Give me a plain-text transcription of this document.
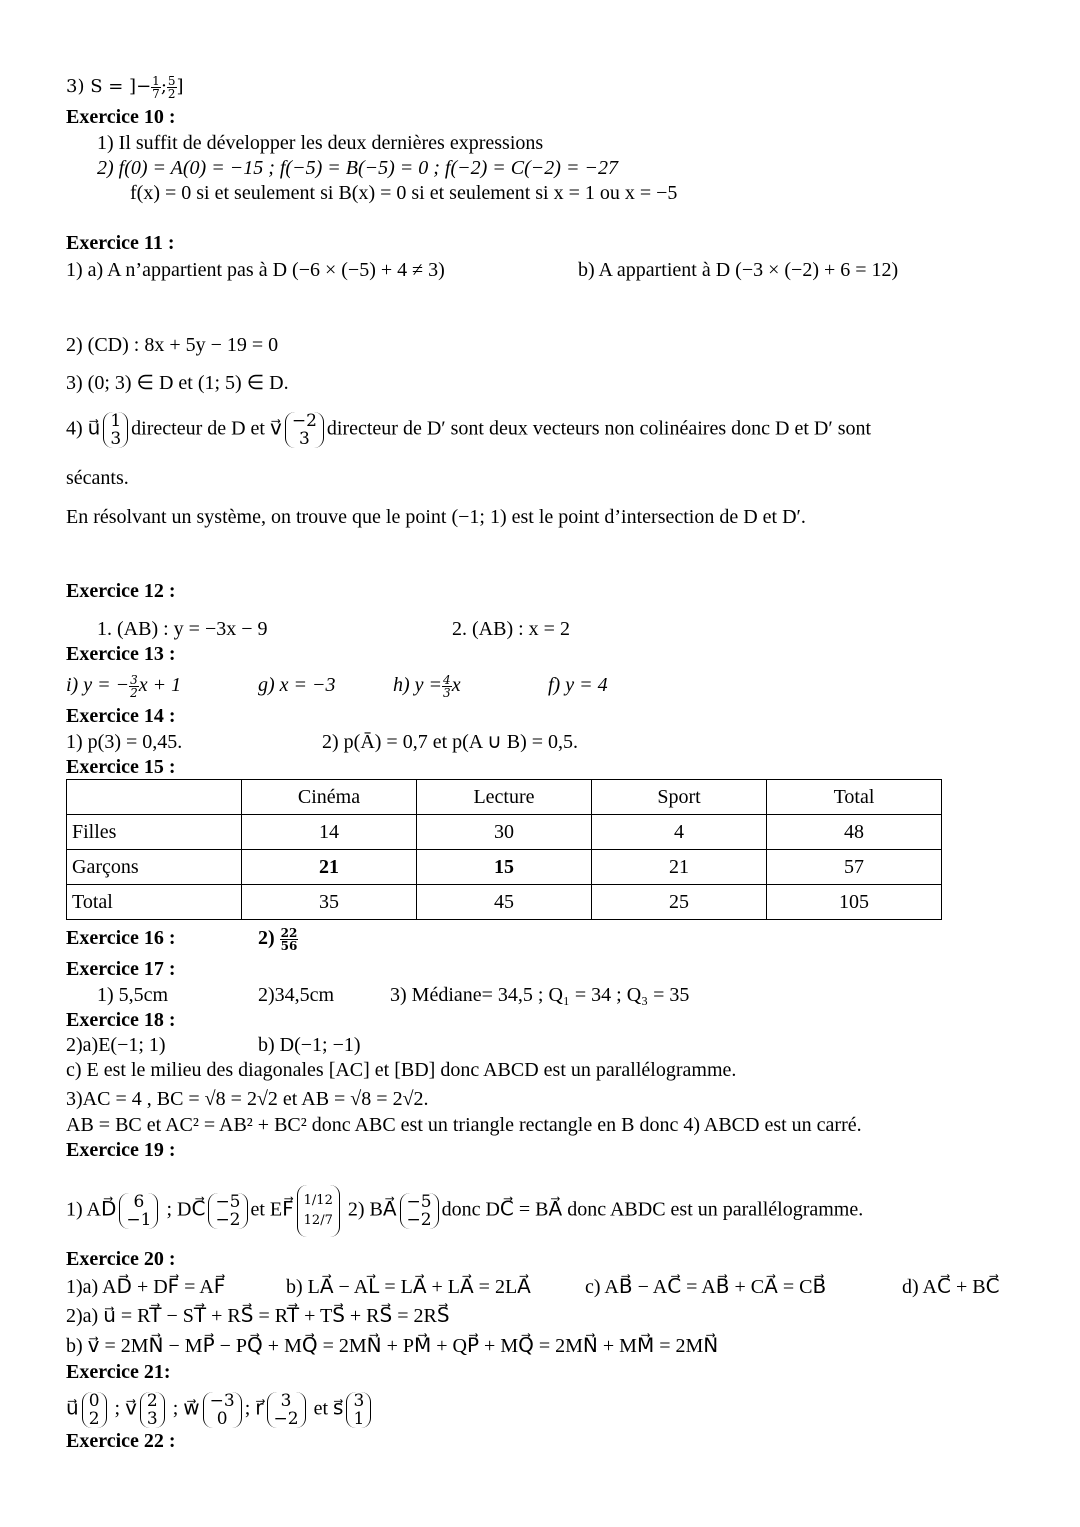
3) S = ]− $\frac{1}{7}$ ; $\frac{5}{2}$ ]
Exercice 10 :
1) Il suffit de développer les deux dernières expressions
2) f(0) = A(0) = −15 ; f(−5) = B(−5) = 0 ; f(−2) = C(−2) = −27
f(x) = 0 si et seulement si B(x) = 0 si et seulement si x = 1 ou x = −5
Exercice 11 :
1) a) A n’appartient pas à D (−6 × (−5) + 4 ≠ 3)	b) A appartient à D (−3 × (−2) + 6 = 12)
2) (CD) : 8x + 5y − 19 = 0
3) (0; 3) ∈ D et (1; 5) ∈ D.
4) u⃗ 1
3 directeur de D et v⃗ −2
3 directeur de D′ sont deux vecteurs non colinéaires donc D et D′ sont
sécants.
En résolvant un système, on trouve que le point (−1; 1) est le point d’intersection de D et D′.
Exercice 12 :
1. (AB) : y = −3x − 9	2. (AB) : x = 2
Exercice 13 :
i) y = − $\frac{3}{2}$ x + 1	g) x = −3	h) $y = \frac{4}{3}$ x	f) y = 4
Exercice 14 :
1) p(3) = 0,45.	2) p(Ā) = 0,7 et p(A ∪ B) = 0,5.
Exercice 15 :
	Cinéma	Lecture	Sport	Total
Filles	14	30	4	48
Garçons	21	15	21	57
Total	35	45	25	105
Exercice 16 :	$2) \frac{22}{56}$
Exercice 17 :
1) 5,5cm	2)34,5cm	3) Médiane= 34,5 ; Q₁ = 34 ; Q₃ = 35
Exercice 18 :
2)a)E(−1; 1)	b) D(−1; −1)
c) E est le milieu des diagonales [AC] et [BD] donc ABCD est un parallélogramme.
3)AC = 4 , BC = √8 = 2√2 et AB = √8 = 2√2.
AB = BC et AC² = AB² + BC² donc ABC est un triangle rectangle en B donc 4) ABCD est un carré.
Exercice 19 :
1) AD⃗ 6
−1 ; DC⃗ −5
−2 et EF⃗ 1/12
12/7 2) BA⃗ −5
−2 donc DC⃗ = BA⃗ donc ABDC est un parallélogramme.
Exercice 20 :
1)a) AD⃗ + DF⃗ = AF⃗	b) LA⃗ − AL⃗ = LA⃗ + LA⃗ = 2LA⃗	c) AB⃗ − AC⃗ = AB⃗ + CA⃗ = CB⃗	d) AC⃗ + BC⃗
2)a) u⃗ = RT⃗ − ST⃗ + RS⃗ = RT⃗ + TS⃗ + RS⃗ = 2RS⃗
b) v⃗ = 2MN⃗ − MP⃗ − PQ⃗ + MQ⃗ = 2MN⃗ + PM⃗ + QP⃗ + MQ⃗ = 2MN⃗ + MM⃗ = 2MN⃗
Exercice 21:
u⃗ 0
2 ; v⃗ 2
3 ; w⃗ −3
0 ; r⃗ 3
−2 et s⃗ 3
1
Exercice 22 :
